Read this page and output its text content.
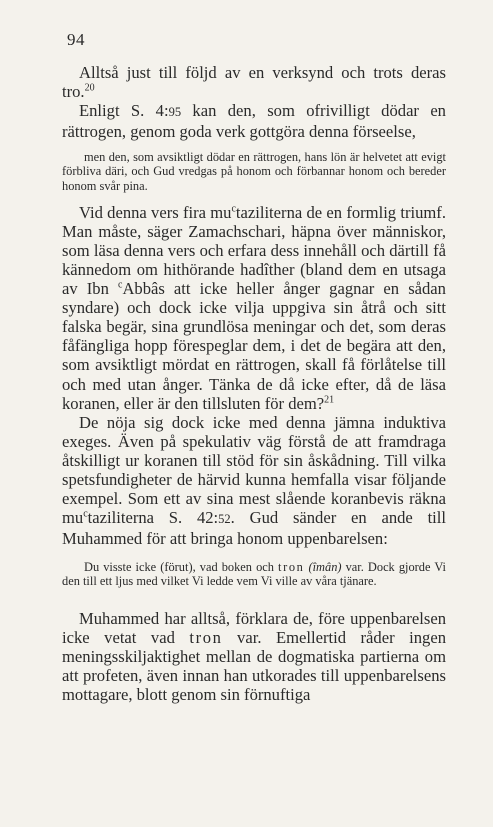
94

Alltså just till följd av en verksynd och trots deras tro.$^{20}$

Enligt S. 4:95 kan den, som ofrivilligt dödar en rättrogen, genom goda verk gottgöra denna förseelse,

men den, som avsiktligt dödar en rättrogen, hans lön är helvetet att evigt förbliva däri, och Gud vredgas på honom och förbannar honom och bereder honom svår pina.

Vid denna vers fira $mu^ctaziliterna$ de en formlig triumf. Man måste, säger Zamachschari, häpna över människor, som läsa denna vers och erfara dess innehåll och därtill få kännedom om hithörande hadîther (bland dem en utsaga av Ibn $^c$Abbâs att icke heller ånger gagnar en sådan syndare) och dock icke vilja uppgiva sin åtrå och sitt falska begär, sina grundlösa meningar och det, som deras fåfängliga hopp förespeglar dem, i det de begära att den, som avsiktligt mördat en rättrogen, skall få förlåtelse till och med utan ånger. Tänka de då icke efter, då de läsa koranen, eller är den tillsluten för dem?$^{21}$

De nöja sig dock icke med denna jämna induktiva exeges. Även på spekulativ väg förstå de att framdraga åtskilligt ur koranen till stöd för sin åskådning. Till vilka spetsfundigheter de härvid kunna hemfalla visar följande exempel. Som ett av sina mest slående koranbevis räkna $mu^ctaziliterna$ S. 42:52. Gud sänder en ande till Muhammed för att bringa honom uppenbarelsen:

Du visste icke (förut), vad boken och tron (îmân) var. Dock gjorde Vi den till ett ljus med vilket Vi ledde vem Vi ville av våra tjänare.

Muhammed har alltså, förklara de, före uppenbarelsen icke vetat vad tron var. Emellertid råder ingen meningsskiljaktighet mellan de dogmatiska partierna om att profeten, även innan han utkorades till uppenbarelsens mottagare, blott genom sin förnuftiga
